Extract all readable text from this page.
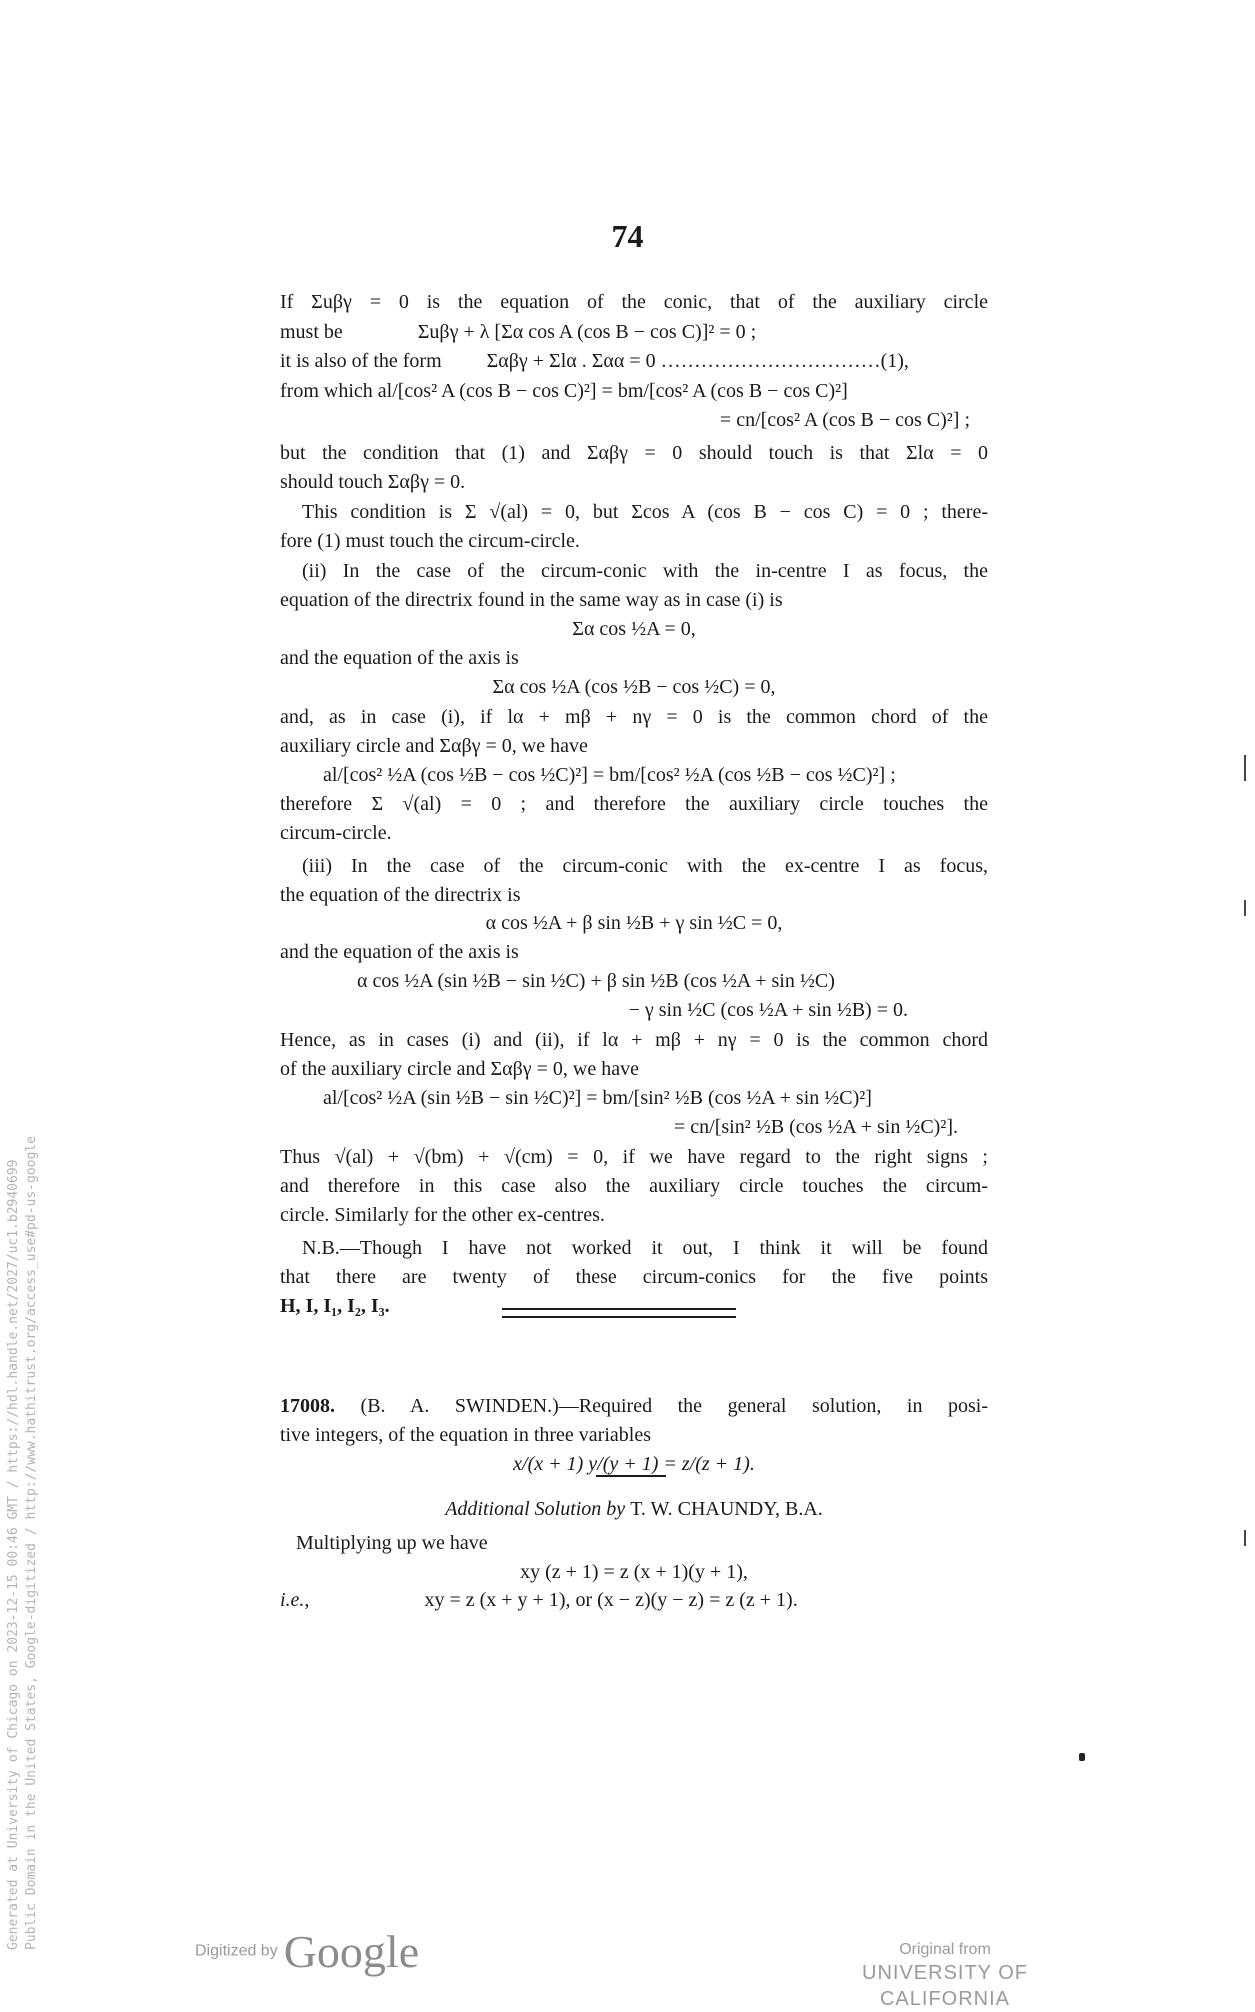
Generated at University of Chicago on 2023-12-15 00:46 GMT / https://hdl.handle.net/2027/uc1.b2940699 Public Domain in the United States, Google-digitized / http://www.hathitrust.org/access_use#pd-us-google
74
If Σuβγ = 0 is the equation of the conic, that of the auxiliary circle
must be	Σuβγ + λ [Σα cos A (cos B − cos C)]² = 0 ;
it is also of the form Σαβγ + Σlα . Σαα = 0 ……………………………(1),
from which al/[cos² A (cos B − cos C)²] = bm/[cos² A (cos B − cos C)²]
= cn/[cos² A (cos B − cos C)²] ;
but the condition that (1) and Σαβγ = 0 should touch is that Σlα = 0
should touch Σαβγ = 0.
This condition is Σ √(al) = 0, but Σcos A (cos B − cos C) = 0 ; there-
fore (1) must touch the circum-circle.
(ii) In the case of the circum-conic with the in-centre I as focus, the
equation of the directrix found in the same way as in case (i) is
Σα cos ½A = 0,
and the equation of the axis is
Σα cos ½A (cos ½B − cos ½C) = 0,
and, as in case (i), if lα + mβ + nγ = 0 is the common chord of the
auxiliary circle and Σαβγ = 0, we have
al/[cos² ½A (cos ½B − cos ½C)²] = bm/[cos² ½A (cos ½B − cos ½C)²] ;
therefore Σ √(al) = 0 ; and therefore the auxiliary circle touches the
circum-circle.
(iii) In the case of the circum-conic with the ex-centre I as focus,
the equation of the directrix is
α cos ½A + β sin ½B + γ sin ½C = 0,
and the equation of the axis is
α cos ½A (sin ½B − sin ½C) + β sin ½B (cos ½A + sin ½C)
− γ sin ½C (cos ½A + sin ½B) = 0.
Hence, as in cases (i) and (ii), if lα + mβ + nγ = 0 is the common chord
of the auxiliary circle and Σαβγ = 0, we have
al/[cos² ½A (sin ½B − sin ½C)²] = bm/[sin² ½B (cos ½A + sin ½C)²]
= cn/[sin² ½B (cos ½A + sin ½C)²].
Thus √(al) + √(bm) + √(cm) = 0, if we have regard to the right signs ;
and therefore in this case also the auxiliary circle touches the circum-
circle. Similarly for the other ex-centres.
N.B.—Though I have not worked it out, I think it will be found
that there are twenty of these circum-conics for the five points
H, I, I₁, I₂, I₃.
17008. (B. A. SWINDEN.)—Required the general solution, in posi-
tive integers, of the equation in three variables
x/(x + 1) y/(y + 1) = z/(z + 1).
Additional Solution by T. W. CHAUNDY, B.A.
Multiplying up we have
xy (z + 1) = z (x + 1)(y + 1),
i.e.,	xy = z (x + y + 1), or (x − z)(y − z) = z (z + 1).
Digitized by Google	Original from
UNIVERSITY OF CALIFORNIA
